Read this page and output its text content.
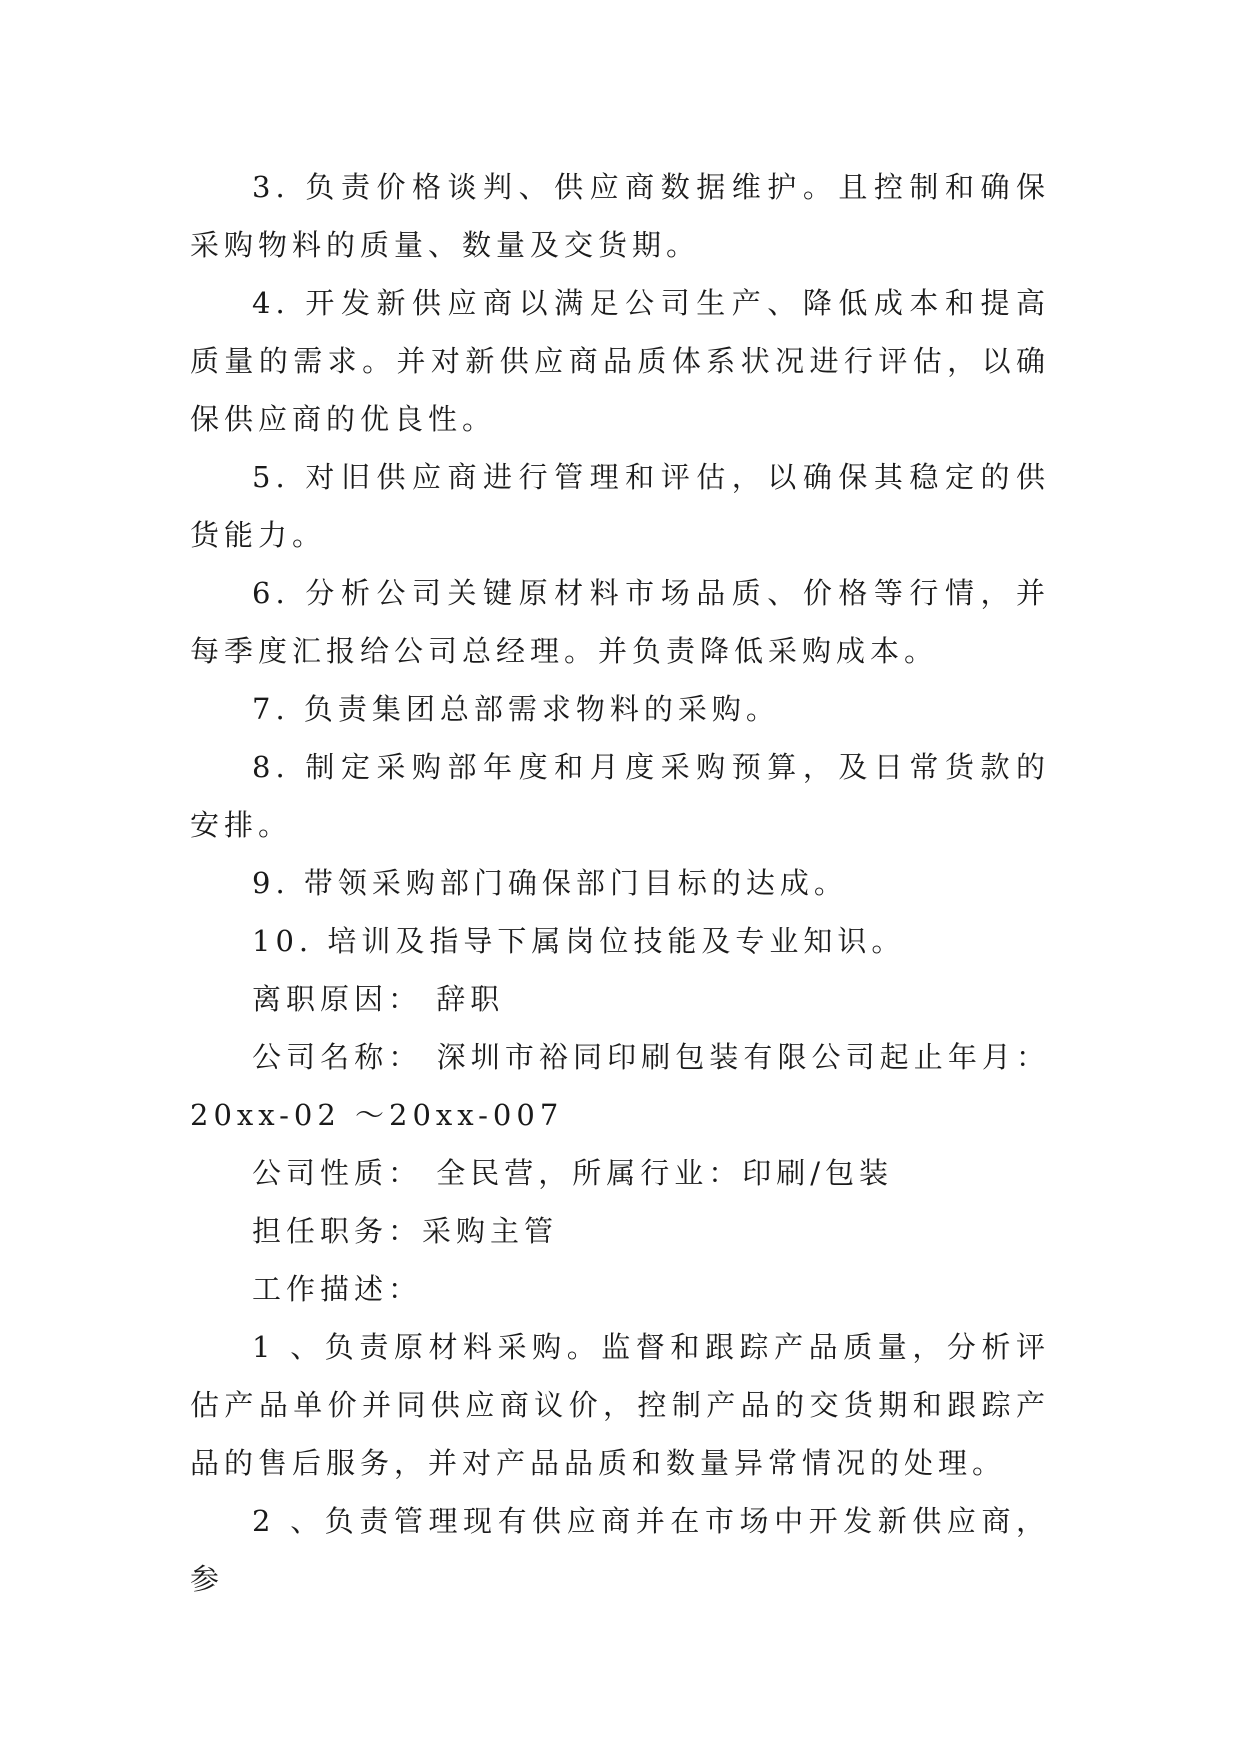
3. 负责价格谈判、供应商数据维护。且控制和确保采购物料的质量、数量及交货期。

4. 开发新供应商以满足公司生产、降低成本和提高质量的需求。并对新供应商品质体系状况进行评估，以确保供应商的优良性。

5. 对旧供应商进行管理和评估，以确保其稳定的供货能力。

6. 分析公司关键原材料市场品质、价格等行情，并每季度汇报给公司总经理。并负责降低采购成本。

7. 负责集团总部需求物料的采购。

8. 制定采购部年度和月度采购预算，及日常货款的安排。

9. 带领采购部门确保部门目标的达成。

10. 培训及指导下属岗位技能及专业知识。

离职原因： 辞职

公司名称： 深圳市裕同印刷包装有限公司起止年月：20xx-02 ～20xx-007

公司性质： 全民营，所属行业：印刷/包装

担任职务：采购主管

工作描述：

1 、负责原材料采购。监督和跟踪产品质量，分析评估产品单价并同供应商议价，控制产品的交货期和跟踪产品的售后服务，并对产品品质和数量异常情况的处理。

2 、负责管理现有供应商并在市场中开发新供应商，参
